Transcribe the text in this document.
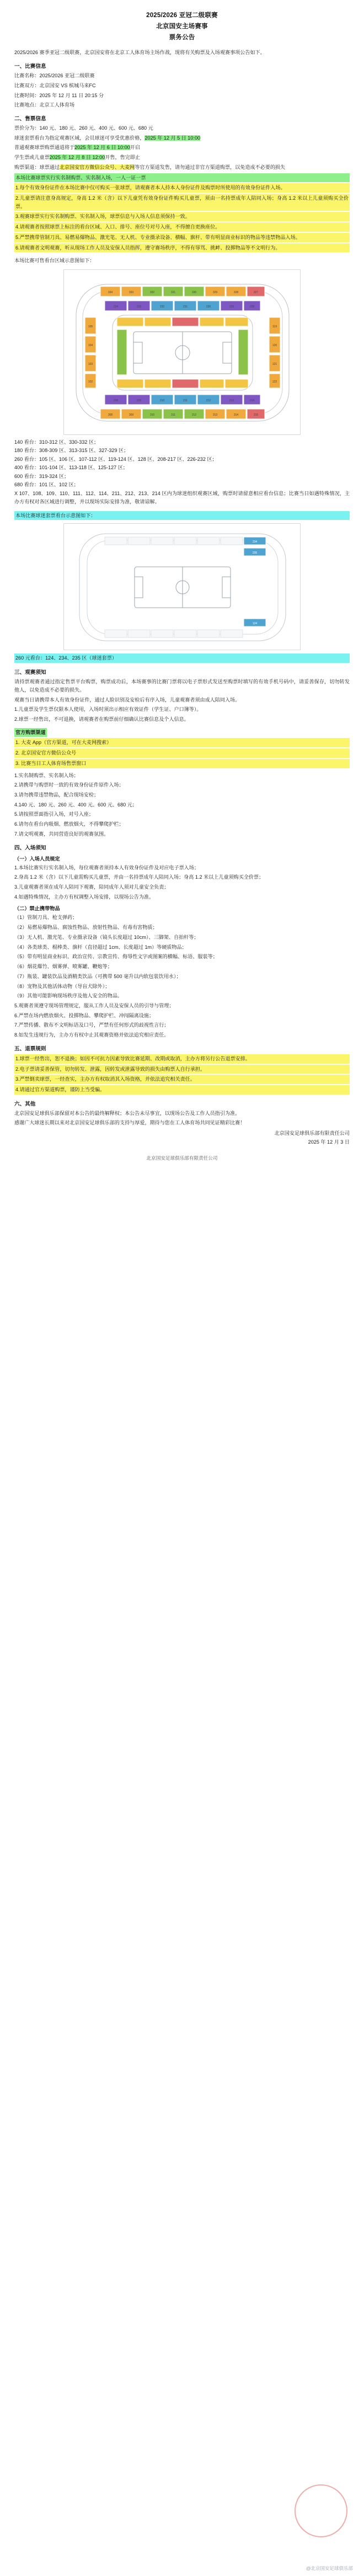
2025/2026 亚冠二级联赛
北京国安主场赛事
票务公告

2025/2026 赛季亚冠二级联赛，北京国安将在北京工人体育场主场作战，现将有关购票及入场观赛事项公告如下。

一、比赛信息

比赛名称：2025/2026 亚冠二级联赛

比赛双方：北京国安 VS 槟城马来FC

比赛时间：2025 年 12 月 11 日 20:15 分

比赛地点：北京工人体育场

二、售票信息

票价分为：140 元、180 元、260 元、400 元、600 元、680 元

球迷套票看台为指定观赛区域，会员球迷可享受优惠价格，2025 年 12 月 5 日 10:00

普通观赛球票购票通道将于2025 年 12 月 6 日 10:00开启

学生票或儿童票2025 年 12 月 8 日 12:00开售，售完即止

购票渠道：球票通过北京国安官方微信公众号、大麦网等官方渠道发售，请勿通过非官方渠道购票，以免造成不必要的损失

本场比赛球票实行实名制购票、实名制入场，一人一证一票
1.每个有效身份证件在本场比赛中仅可购买一张球票，请观赛者本人持本人身份证件及购票时所使用的有效身份证件入场。
2.儿童票请注意身高规定，身高 1.2 米（含）以下儿童凭有效身份证件购买儿童票，须由一名持票成年人陪同入场；身高 1.2 米以上儿童须购买全价票。
3.观赛球票实行实名制购票、实名制入场，球票信息与入场人信息须保持一致。
4.请观赛者按照球票上标注的看台区域、入口、排号、座位号对号入座，不得擅自更换座位。
5.严禁携带管制刀具、易燃易爆物品、激光笔、无人机、专业摄录设备、横幅、旗杆、带有明显商业标识的物品等违禁物品入场。
6.请观赛者文明观赛，听从现场工作人员及安保人员指挥，遵守赛场秩序，不得有辱骂、挑衅、投掷物品等不文明行为。

本场比赛可售看台区域示意图如下：

334	333	332	331	330	329	328	327
308	309	310	311	312	313	314	315
234	233	232	231	230	229	228
208	209	210	211	212	213	214
105
104
103
102
119
120
121
122

140 看台：310-312 区、330-332 区；

180 看台：308-309 区、313-315 区、327-329 区；

260 看台：105 区、106 区、107-112 区、119-124 区、128 区、208-217 区、226-232 区；

400 看台：101-104 区、113-118 区、125-127 区；

600 看台：319-324 区；

680 看台：101 区、102 区；

X 107、108、109、110、111、112、114、211、212、213、214 区内为球迷组织观赛区域，购票时请留意相应看台信息；比赛当日如遇特殊情况，主办方有权对各区域进行调整，并以现场实际安排为准，敬请谅解。

本场比赛球迷套票看台示意图如下：
234
235
124
260 元看台：124、234、235 区（球迷套票）
三、观赛须知

请持票观赛者通过指定售票平台购票，购票成功后，本场赛事的比赛门票将以电子票形式发送至购票时填写的有效手机号码中，请妥善保存，切勿转发他人，以免造成不必要的损失。

观赛当日请携带本人有效身份证件，通过人脸识别及安检后有序入场，儿童观赛者须由成人陪同入场。

1.儿童票及学生票仅限本人使用，入场时须出示相应有效证件（学生证、户口簿等）。

2.球票一经售出，不可退换，请观赛者在购票前仔细确认比赛信息及个人信息。

官方购票渠道
1. 大麦 App（官方渠道，可在大麦网搜索）
2. 北京国安官方微信公众号
3. 比赛当日工人体育场售票窗口

1.实名制购票、实名制入场；

2.请携带与购票时一致的有效身份证件原件入场；

3.请勿携带违禁物品，配合现场安检；

4.140 元、180 元、260 元、400 元、600 元、680 元；

5.请按照票面指引入场，对号入座；

6.请勿在看台内吸烟、燃放烟火，不得攀爬护栏；

7.请文明观赛，共同营造良好的观赛氛围。

四、入场须知
（一）入场人员规定

1.本场比赛实行实名制入场，每位观赛者须持本人有效身份证件及对应电子票入场；

2.身高 1.2 米（含）以下儿童需购买儿童票，并由一名持票成年人陪同入场；身高 1.2 米以上儿童须购买全价票；

3.儿童观赛者须在成年人陪同下观赛，陪同成年人须对儿童安全负责；

4.如遇特殊情况，主办方有权调整入场安排，以现场公告为准。

（二）禁止携带物品

（1）管制刀具、枪支弹药；

（2）易燃易爆物品、腐蚀性物品、放射性物品、有毒有害物质；

（3）无人机、激光笔、专业摄录设备（镜头长度超过 10cm）、三脚架、自拍杆等；

（4）各类球类、棍棒类、旗杆（直径超过 1cm、长度超过 1m）等硬质物品；

（5）带有明显商业标识、政治宣传、宗教宣传、侮辱性文字或图案的横幅、标语、服装等；

（6）烟花爆竹、烟雾弹、喷雾罐、鞭炮等；

（7）瓶装、罐装饮品及酒精类饮品（可携带 500 毫升以内软包装饮用水）；

（8）宠物及其他活体动物（导盲犬除外）；

（9）其他可能影响现场秩序及他人安全的物品。

5.观赛者须遵守现场管理规定，服从工作人员及安保人员的引导与管理；

6.严禁在场内燃放烟火、投掷物品、攀爬护栏、冲闯隔离设施；

7.严禁传播、散布不文明标语及口号，严禁有任何形式的歧视性言行；

8.如发生违规行为，主办方有权中止其观赛资格并依法追究相应责任。

五、退票规则
1.球票一经售出，恕不退换；如因不可抗力因素导致比赛延期、改期或取消，主办方将另行公告退票安排。
2.电子票请妥善保管，切勿转发、泄露，因转发或泄露导致的损失由购票人自行承担。
3.严禁倒卖球票，一经查实，主办方有权取消其入场资格，并依法追究相关责任。
4.请通过官方渠道购票，谨防上当受骗。
六、其他

北京国安足球俱乐部保留对本公告的最终解释权；本公告未尽事宜，以现场公告及工作人员指引为准。

感谢广大球迷长期以来对北京国安足球俱乐部的支持与厚爱，期待与您在工人体育场共同见证精彩比赛！

北京国安足球俱乐部有限责任公司
2025 年 12 月 3 日
北京国安足球俱乐部有限责任公司
@北京国安足球俱乐部
